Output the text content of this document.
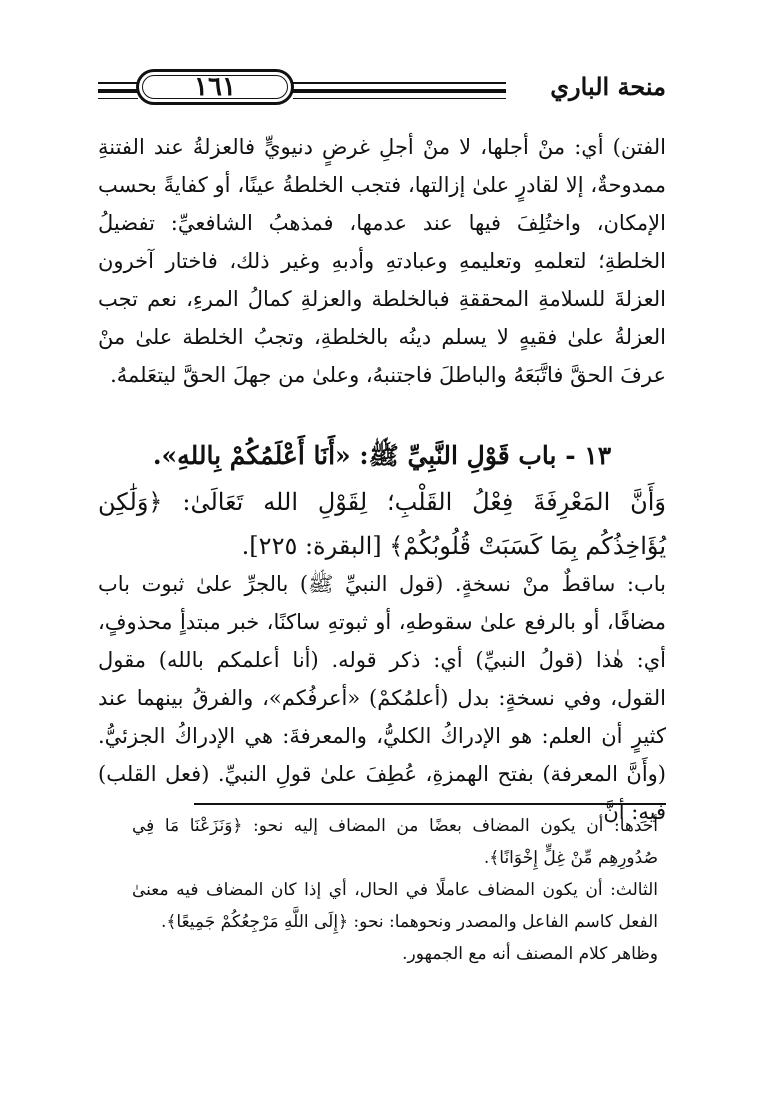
منحة الباري
١٦١
الفتن) أي: منْ أجلها، لا منْ أجلِ غرضٍ دنيويٍّ فالعزلةُ عند الفتنةِ ممدوحةٌ، إلا لقادرٍ علىٰ إزالتها، فتجب الخلطةُ عينًا، أو كفايةً بحسب الإمكان، واختُلِفَ فيها عند عدمها، فمذهبُ الشافعيِّ: تفضيلُ الخلطةِ؛ لتعلمهِ وتعليمهِ وعبادتهِ وأدبهِ وغير ذلك، فاختار آخرون العزلةَ للسلامةِ المحققةِ فبالخلطة والعزلةِ كمالُ المرءِ، نعم تجب العزلةُ علىٰ فقيهٍ لا يسلم دينُه بالخلطةِ، وتجبُ الخلطة علىٰ منْ عرفَ الحقَّ فاتَّبَعَهُ والباطلَ فاجتنبهُ، وعلىٰ من جهلَ الحقَّ ليتعَلمهُ.
١٣ - باب قَوْلِ النَّبِيِّ ﷺ: «أَنَا أَعْلَمُكُمْ بِاللهِ».
وَأَنَّ المَعْرِفَةَ فِعْلُ القَلْبِ؛ لِقَوْلِ الله تَعَالَىٰ: ﴿وَلَٰكِن يُؤَاخِذُكُم بِمَا كَسَبَتْ قُلُوبُكُمْ﴾ [البقرة: ٢٢٥].
باب: ساقطٌ منْ نسخةٍ. (قول النبيِّ ﷺ) بالجرِّ علىٰ ثبوت باب مضافًا، أو بالرفع علىٰ سقوطهِ، أو ثبوتهِ ساكنًا، خبر مبتدأٍ محذوفٍ، أي: هٰذا (قولُ النبيِّ) أي: ذكر قوله. (أنا أعلمكم بالله) مقول القول، وفي نسخةٍ: بدل (أعلمُكمْ) «أعرفُكم»، والفرقُ بينهما عند كثيرٍ أن العلم: هو الإدراكُ الكليُّ، والمعرفةَ: هي الإدراكُ الجزئيُّ. (وأَنَّ المعرفة) بفتح الهمزةِ، عُطِفَ علىٰ قولِ النبيِّ. (فعل القلب) فيهِ: أنَّ

أحدها: أن يكون المضاف بعضًا من المضاف إليه نحو: ﴿وَنَزَعْنَا مَا فِي صُدُورِهِم مِّنْ غِلٍّ إِخْوَانًا﴾.

الثالث: أن يكون المضاف عاملًا في الحال، أي إذا كان المضاف فيه معنىٰ الفعل كاسم الفاعل والمصدر ونحوهما: نحو: ﴿إِلَى اللَّهِ مَرْجِعُكُمْ جَمِيعًا﴾.

وظاهر كلام المصنف أنه مع الجمهور.
